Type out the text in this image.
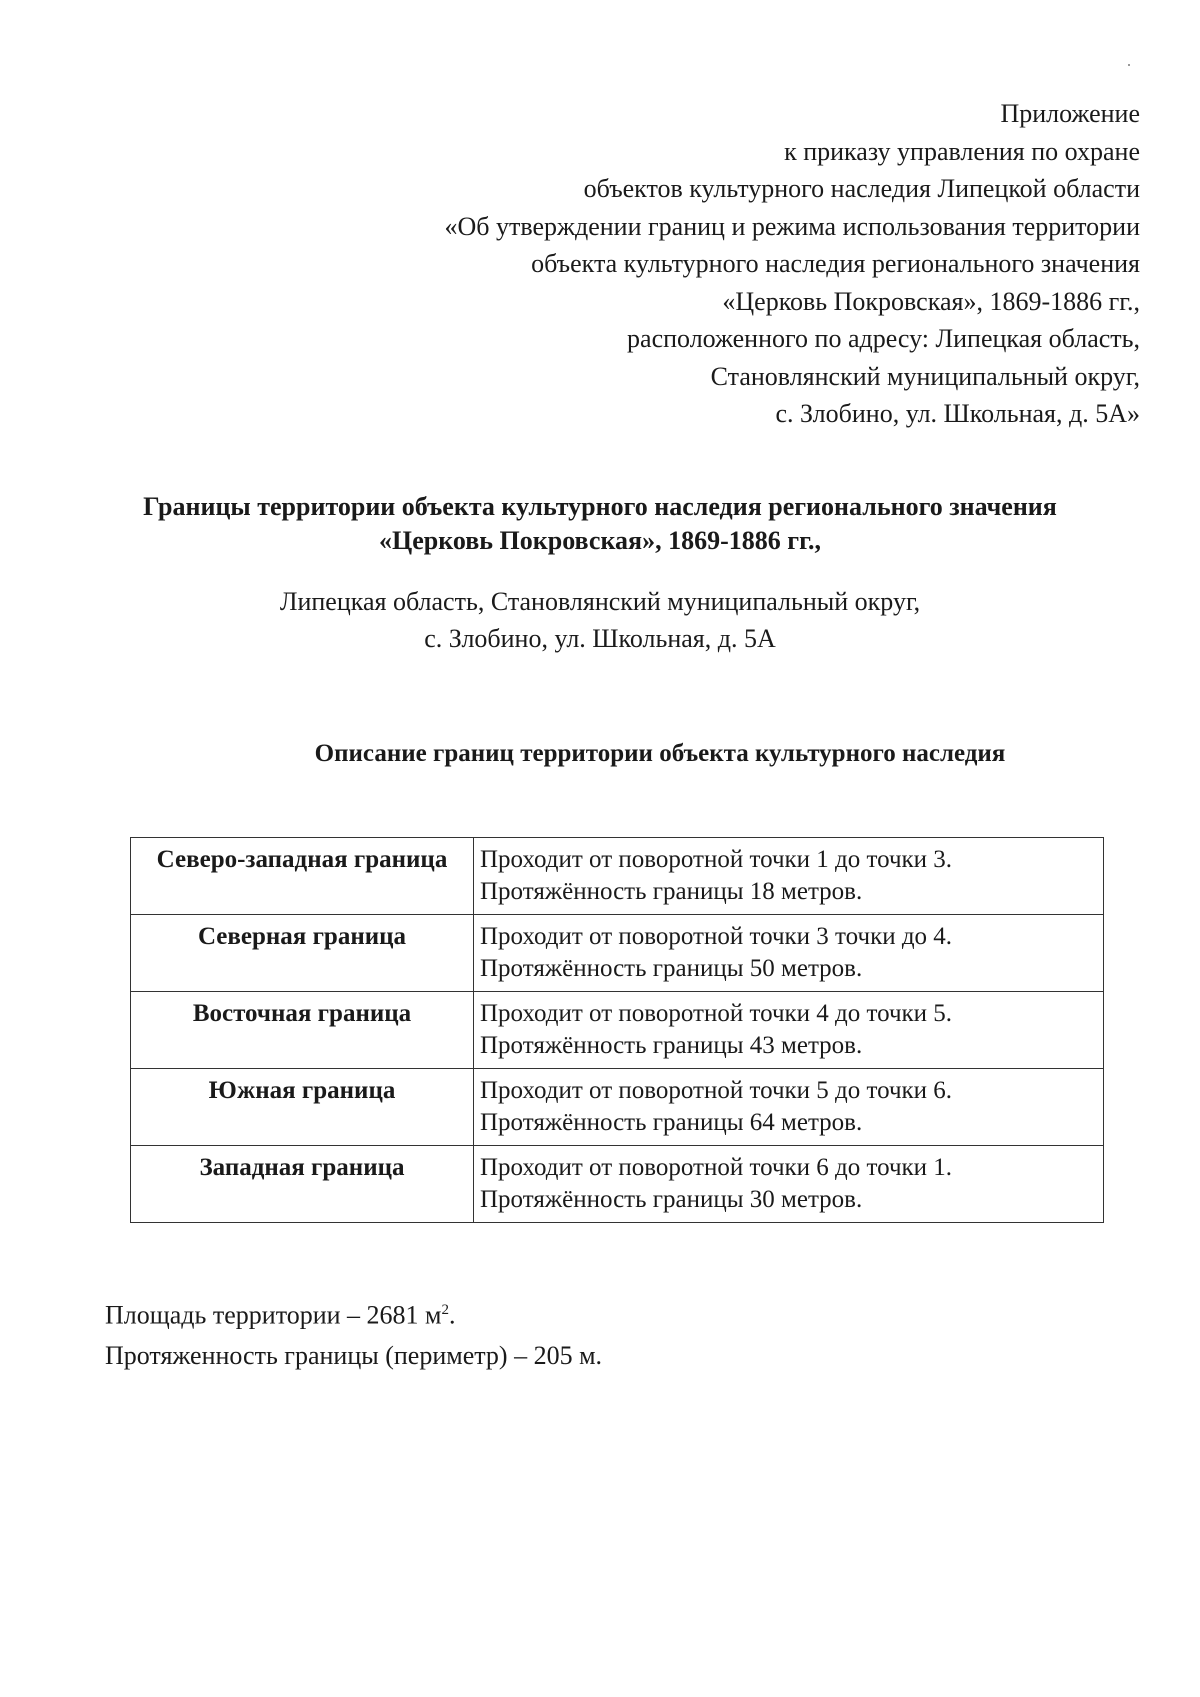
Приложение
к приказу управления по охране
объектов культурного наследия Липецкой области
«Об утверждении границ и режима использования территории
объекта культурного наследия регионального значения
«Церковь Покровская», 1869-1886 гг.,
расположенного по адресу: Липецкая область,
Становлянский муниципальный округ,
с. Злобино, ул. Школьная, д. 5А»
Границы территории объекта культурного наследия регионального значения
«Церковь Покровская», 1869-1886 гг.,
Липецкая область, Становлянский муниципальный округ,
с. Злобино, ул. Школьная, д. 5А
Описание границ территории объекта культурного наследия
Северо-западная граница	Проходит от поворотной точки 1 до точки 3.
Протяжённость границы 18 метров.

Северная граница	Проходит от поворотной точки 3 точки до 4.
Протяжённость границы 50 метров.

Восточная граница	Проходит от поворотной точки 4 до точки 5.
Протяжённость границы 43 метров.

Южная граница	Проходит от поворотной точки 5 до точки 6.
Протяжённость границы 64 метров.

Западная граница	Проходит от поворотной точки 6 до точки 1.
Протяжённость границы 30 метров.
Площадь территории – 2681 $м^2$.
Протяженность границы (периметр) – 205 м.
